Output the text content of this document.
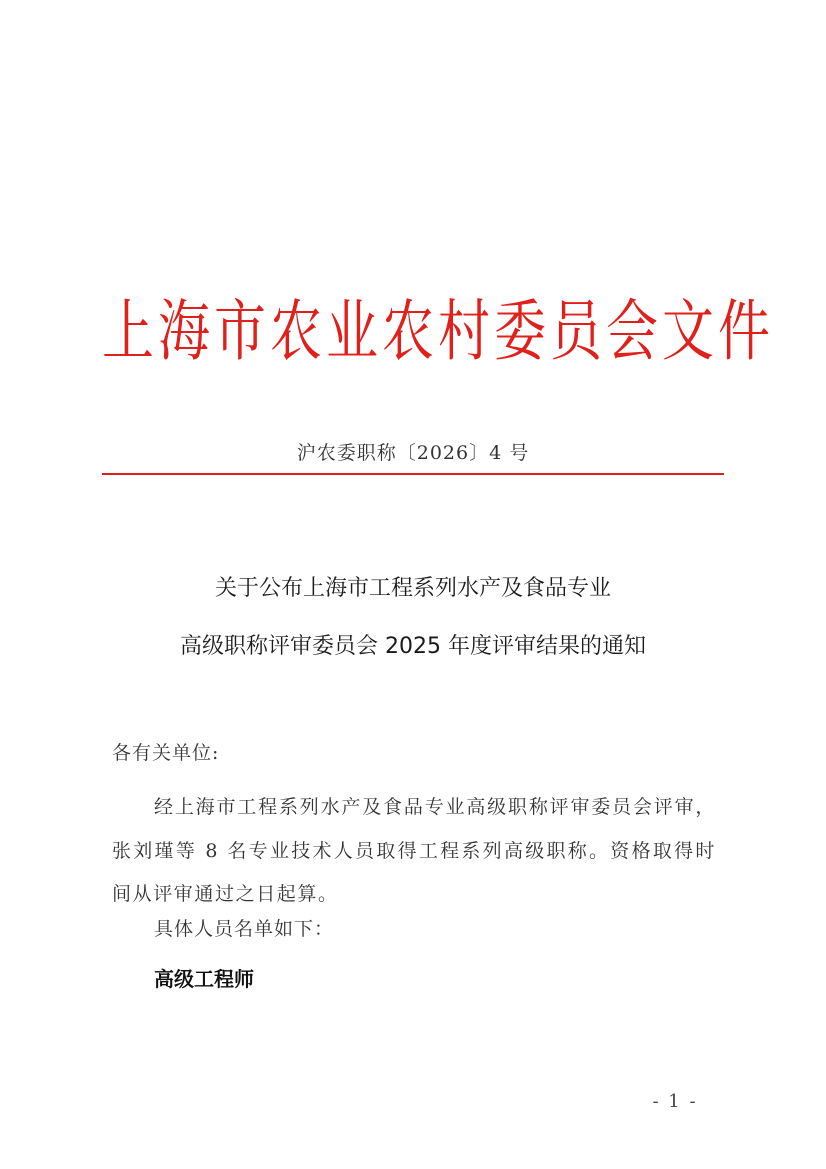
上海市农业农村委员会文件
沪农委职称〔2026〕4 号
关于公布上海市工程系列水产及食品专业
高级职称评审委员会 2025 年度评审结果的通知
各有关单位:
经上海市工程系列水产及食品专业高级职称评审委员会评审，张刘瑾等 8 名专业技术人员取得工程系列高级职称。资格取得时间从评审通过之日起算。
具体人员名单如下：
高级工程师
- 1 -
